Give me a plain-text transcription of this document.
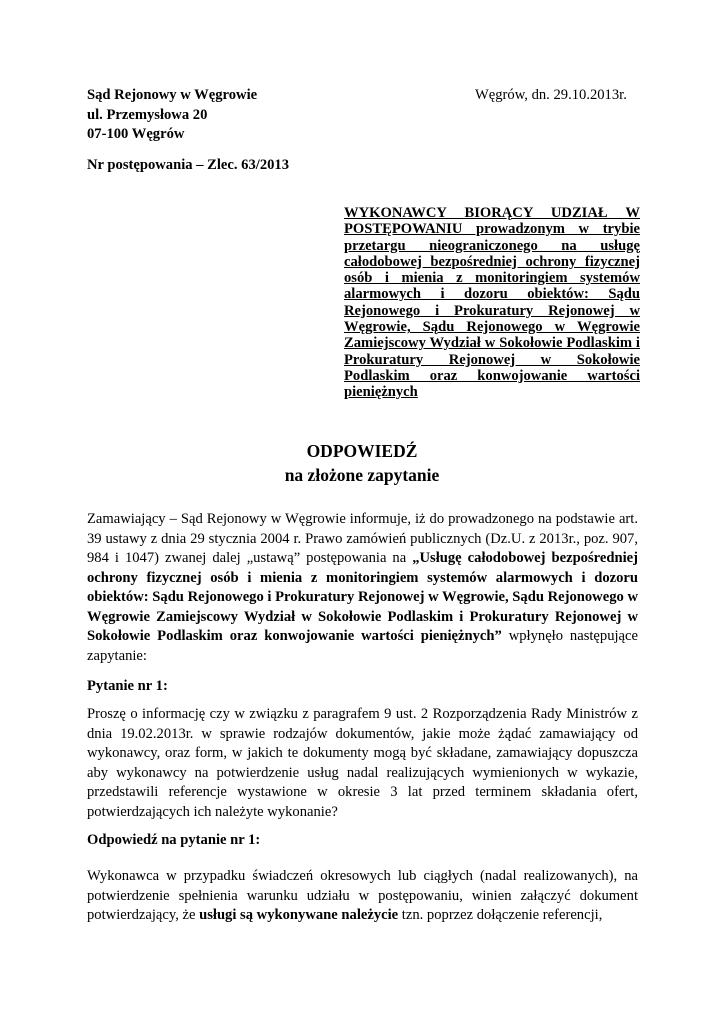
Sąd Rejonowy w Węgrowie
ul. Przemysłowa 20
07-100 Węgrów
Węgrów, dn. 29.10.2013r.
Nr postępowania – Zlec. 63/2013
WYKONAWCY BIORĄCY UDZIAŁ W POSTĘPOWANIU prowadzonym w trybie przetargu nieograniczonego na usługę całodobowej bezpośredniej ochrony fizycznej osób i mienia z monitoringiem systemów alarmowych i dozoru obiektów: Sądu Rejonowego i Prokuratury Rejonowej w Węgrowie, Sądu Rejonowego w Węgrowie Zamiejscowy Wydział w Sokołowie Podlaskim i Prokuratury Rejonowej w Sokołowie Podlaskim oraz konwojowanie wartości pieniężnych
ODPOWIEDŹ
na złożone zapytanie
Zamawiający – Sąd Rejonowy w Węgrowie informuje, iż do prowadzonego na podstawie art. 39 ustawy z dnia 29 stycznia 2004 r. Prawo zamówień publicznych (Dz.U. z 2013r., poz. 907, 984 i 1047) zwanej dalej „ustawą” postępowania na „Usługę całodobowej bezpośredniej ochrony fizycznej osób i mienia z monitoringiem systemów alarmowych i dozoru obiektów: Sądu Rejonowego i Prokuratury Rejonowej w Węgrowie, Sądu Rejonowego w Węgrowie Zamiejscowy Wydział w Sokołowie Podlaskim i Prokuratury Rejonowej w Sokołowie Podlaskim oraz konwojowanie wartości pieniężnych” wpłynęło następujące zapytanie:
Pytanie nr 1:
Proszę o informację czy w związku z paragrafem 9 ust. 2 Rozporządzenia Rady Ministrów z dnia 19.02.2013r. w sprawie rodzajów dokumentów, jakie może żądać zamawiający od wykonawcy, oraz form, w jakich te dokumenty mogą być składane, zamawiający dopuszcza aby wykonawcy na potwierdzenie usług nadal realizujących wymienionych w wykazie, przedstawili referencje wystawione w okresie 3 lat przed terminem składania ofert, potwierdzających ich należyte wykonanie?
Odpowiedź na pytanie nr 1:
Wykonawca w przypadku świadczeń okresowych lub ciągłych (nadal realizowanych), na potwierdzenie spełnienia warunku udziału w postępowaniu, winien załączyć dokument potwierdzający, że usługi są wykonywane należycie tzn. poprzez dołączenie referencji,
